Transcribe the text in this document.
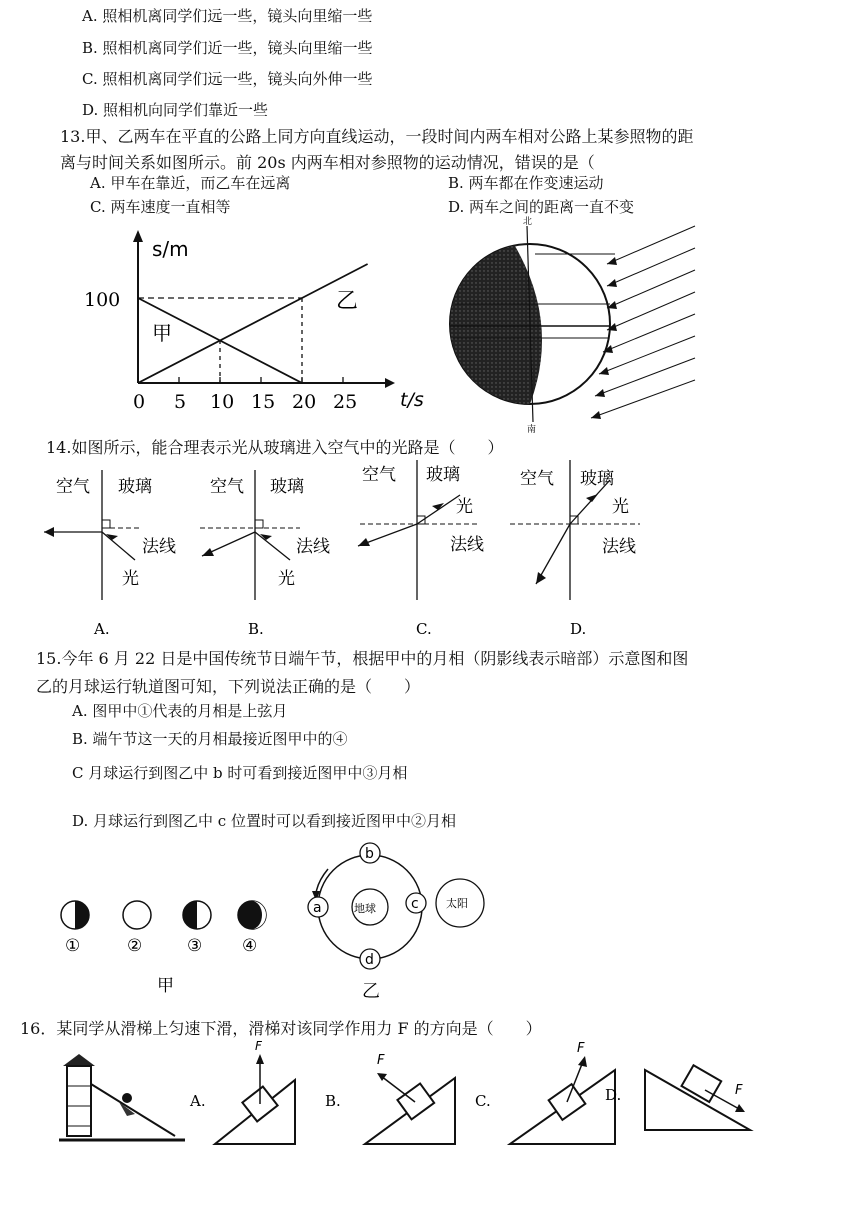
A. 照相机离同学们远一些，镜头向里缩一些
B. 照相机离同学们近一些，镜头向里缩一些
C. 照相机离同学们远一些，镜头向外伸一些
D. 照相机向同学们靠近一些
13.甲、乙两车在平直的公路上同方向直线运动，一段时间内两车相对公路上某参照物的距
离与时间关系如图所示。前 20s 内两车相对参照物的运动情况，错误的是（
A. 甲车在靠近，而乙车在远离	B. 两车都在作变速运动
C. 两车速度一直相等	D. 两车之间的距离一直不变
s/m
100
t/s
0 5 10 15 20 25
甲
乙
北
南
14.如图所示，能合理表示光从玻璃进入空气中的光路是（　　）
空气 玻璃
法线
光
空气 玻璃
法线
光
空气 玻璃
光
法线
空气 玻璃
光
法线
A.	B.	C.	D.
15.今年 6 月 22 日是中国传统节日端午节，根据甲中的月相（阴影线表示暗部）示意图和图
乙的月球运行轨道图可知，下列说法正确的是（　　）
A. 图甲中①代表的月相是上弦月
B. 端午节这一天的月相最接近图甲中的④
C 月球运行到图乙中 b 时可看到接近图甲中③月相
D. 月球运行到图乙中 c 位置时可以看到接近图甲中②月相
①	②	③ ④
甲
地球
b
a	c
d
太阳
乙
16．某同学从滑梯上匀速下滑，滑梯对该同学作用力 F 的方向是（　　）
A.
F
B.
F
C.
F
D.	F
